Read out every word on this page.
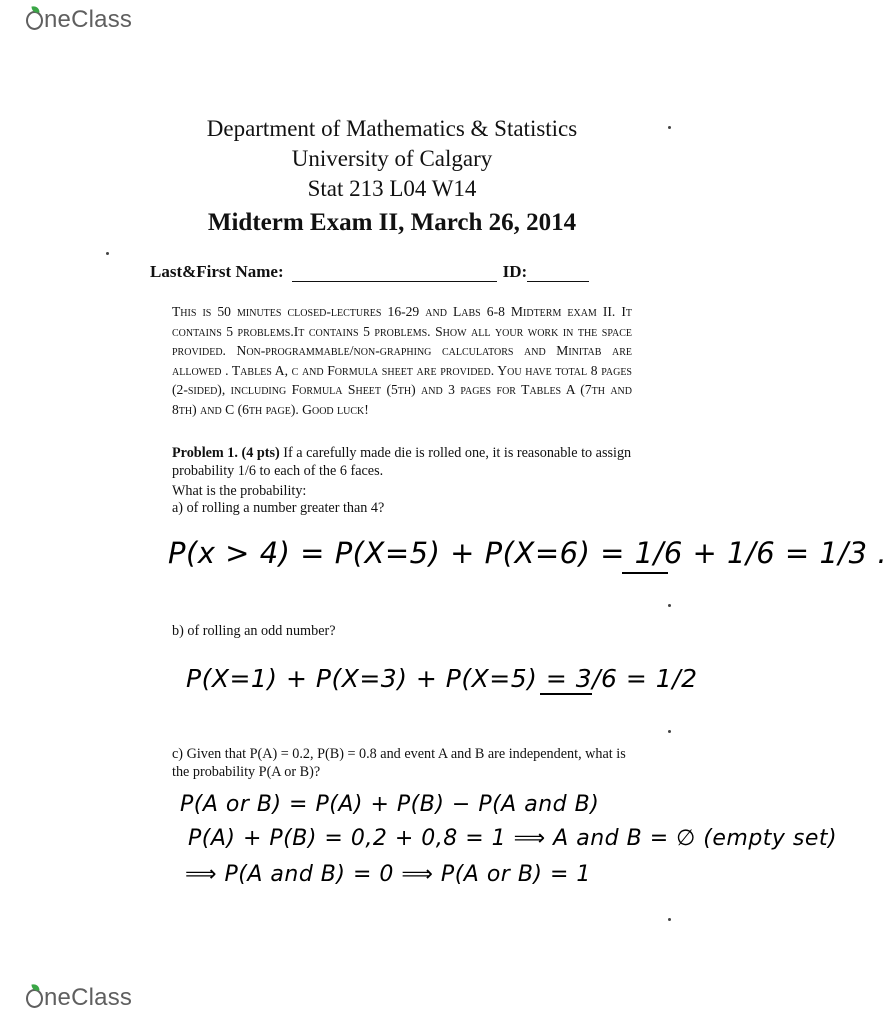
neClass
Department of Mathematics & Statistics
University of Calgary
Stat 213 L04 W14
Midterm Exam II, March 26, 2014
Last&First Name:	ID:
This is 50 minutes closed-lectures 16-29 and Labs 6-8 Midterm exam II. It contains 5 problems.It contains 5 problems. Show all your work in the space provided. Non-programmable/non-graphing calculators and Minitab are allowed . Tables A, c and Formula sheet are provided. You have total 8 pages (2-sided), including Formula Sheet (5th) and 3 pages for Tables A (7th and 8th) and C (6th page). Good luck!
Problem 1. (4 pts) If a carefully made die is rolled one, it is reasonable to assign probability 1/6 to each of the 6 faces.
What is the probability:
a) of rolling a number greater than 4?
P(x > 4) = P(X=5) + P(X=6) = 1/6 + 1/6 = 1/3 .
b) of rolling an odd number?
P(X=1) + P(X=3) + P(X=5) = 3/6 = 1/2
c) Given that P(A) = 0.2, P(B) = 0.8 and event A and B are independent, what is the probability P(A or B)?
P(A or B) = P(A) + P(B) − P(A and B)
P(A) + P(B) = 0,2 + 0,8 = 1 ⟹ A and B = ∅ (empty set)
⟹ P(A and B) = 0 ⟹ P(A or B) = 1
neClass
